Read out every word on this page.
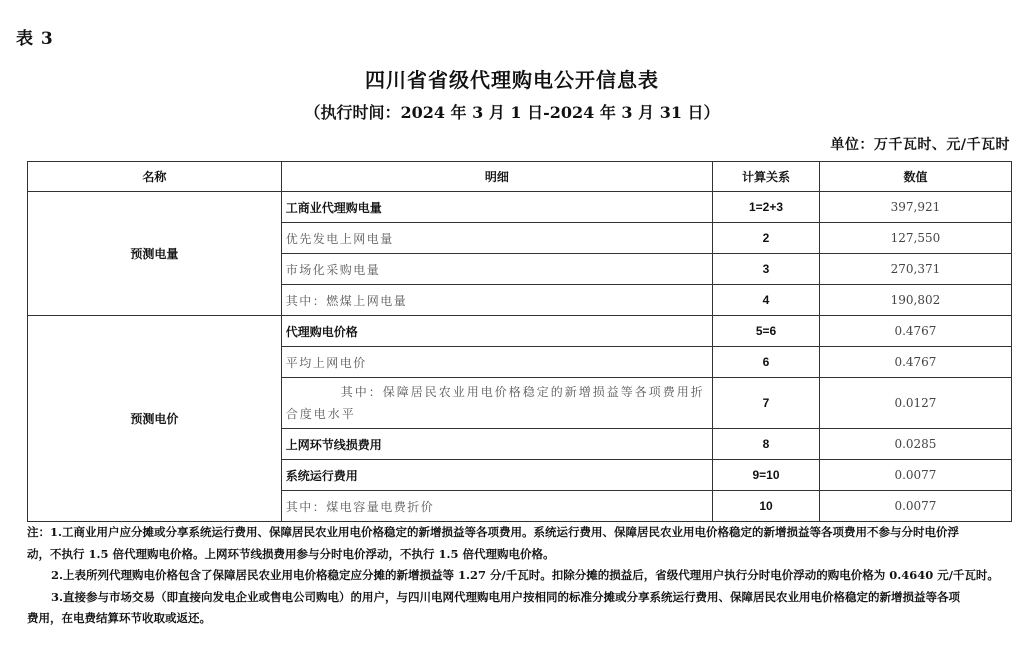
表 3
四川省省级代理购电公开信息表
（执行时间：2024 年 3 月 1 日-2024 年 3 月 31 日）
单位：万千瓦时、元/千瓦时
名称	明细	计算关系	数值
预测电量	工商业代理购电量	1=2+3	397,921
	优先发电上网电量	2	127,550
	市场化采购电量	3	270,371
	其中：燃煤上网电量	4	190,802
预测电价	代理购电价格	5=6	0.4767
	平均上网电价	6	0.4767

	其中：保障居民农业用电价格稳定的新增损益等各项费用折
合度电水平	7	0.0127
	上网环节线损费用	8	0.0285
	系统运行费用	9=10	0.0077
	其中：煤电容量电费折价	10	0.0077

注：1.工商业用户应分摊或分享系统运行费用、保障居民农业用电价格稳定的新增损益等各项费用。系统运行费用、保障居民农业用电价格稳定的新增损益等各项费用不参与分时电价浮

动，不执行 1.5 倍代理购电价格。上网环节线损费用参与分时电价浮动，不执行 1.5 倍代理购电价格。

2.上表所列代理购电价格包含了保障居民农业用电价格稳定应分摊的新增损益等 1.27 分/千瓦时。扣除分摊的损益后，省级代理用户执行分时电价浮动的购电价格为 0.4640 元/千瓦时。

3.直接参与市场交易（即直接向发电企业或售电公司购电）的用户，与四川电网代理购电用户按相同的标准分摊或分享系统运行费用、保障居民农业用电价格稳定的新增损益等各项

费用，在电费结算环节收取或返还。
